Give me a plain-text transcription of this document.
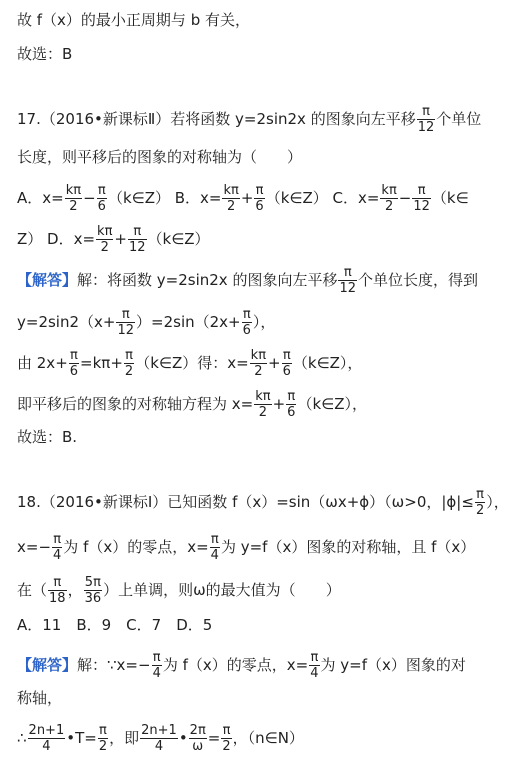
故 f（x）的最小正周期与 b 有关，
故选：B
17.（2016•新课标Ⅱ）若将函数 y=2sin2x 的图象向左平移 $\frac{\pi}{12}$ 个单位
长度，则平移后的图象的对称轴为（　　）
A．$x= \frac{k\pi}{2} - \frac{\pi}{6}$ （k∈Z） B．$x= \frac{k\pi}{2} + \frac{\pi}{6}$ （k∈Z） C．$x= \frac{k\pi}{2} - \frac{\pi}{12}$ （k∈
Z） D．$x= \frac{k\pi}{2} + \frac{\pi}{12}$ （k∈Z）
【解答】解：将函数 y=2sin2x 的图象向左平移 $\frac{\pi}{12}$ 个单位长度，得到
$y=2\sin 2(x+ \frac{\pi}{12} )=2\sin(2x+ \frac{\pi}{6}$ ），
由 $2x+ \frac{\pi}{6} =k\pi+ \frac{\pi}{2}$ （k∈Z）得：$x= \frac{k\pi}{2} + \frac{\pi}{6}$ （k∈Z），
即平移后的图象的对称轴方程为 $x= \frac{k\pi}{2} + \frac{\pi}{6}$ （k∈Z），
故选：B.
18.（2016•新课标Ⅰ）已知函数 f（x）=sin（ωx+ϕ）（ω>0，$|\phi|\le \frac{\pi}{2}$ ），
$x=- \frac{\pi}{4}$ 为 f（x）的零点，$x= \frac{\pi}{4}$ 为 y=f（x）图象的对称轴，且 f（x）
在（ $\frac{\pi}{18}$ ， $\frac{5\pi}{36}$ ）上单调，则ω的最大值为（　　）
A．11　B．9　C．7　D．5
【解答】解：∵x=− $\frac{\pi}{4}$ 为 f（x）的零点，$x= \frac{\pi}{4}$ 为 y=f（x）图象的对
称轴，
∴ $\frac{2n+1}{4}$ •T= $\frac{\pi}{2}$ ，即 $\frac{2n+1}{4}$ • $\frac{2\pi}{\omega} = \frac{\pi}{2}$ ，（n∈N）
